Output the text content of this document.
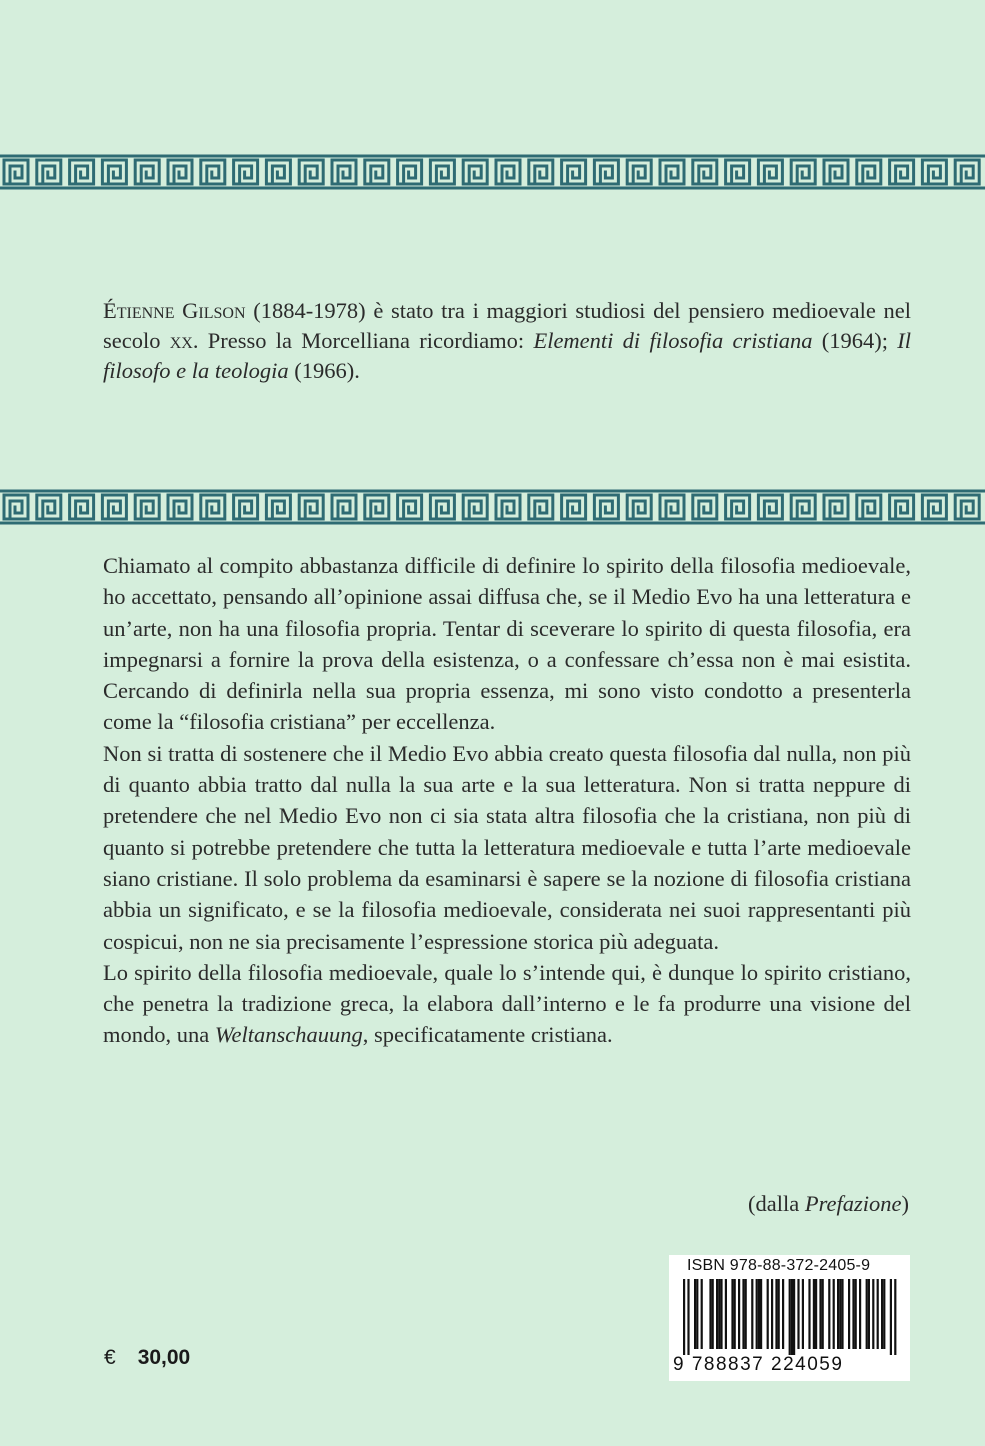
Étienne Gilson (1884-1978) è stato tra i maggiori studiosi del pensiero medioevale nel secolo xx. Presso la Morcelliana ricordiamo: Elementi di filosofia cristiana (1964); Il filosofo e la teologia (1966).

Chiamato al compito abbastanza difficile di definire lo spirito della filosofia medioevale, ho accettato, pensando all’opinione assai diffusa che, se il Medio Evo ha una letteratura e un’arte, non ha una filosofia propria. Tentar di sceverare lo spirito di questa filosofia, era impegnarsi a fornire la prova della esistenza, o a confessare ch’essa non è mai esistita. Cercando di definirla nella sua propria essenza, mi sono visto condotto a presenterla come la “filosofia cristiana” per eccellenza.

Non si tratta di sostenere che il Medio Evo abbia creato questa filosofia dal nulla, non più di quanto abbia tratto dal nulla la sua arte e la sua letteratura. Non si tratta neppure di pretendere che nel Medio Evo non ci sia stata altra filosofia che la cristiana, non più di quanto si potrebbe pretendere che tutta la letteratura medioevale e tutta l’arte medioevale siano cristiane. Il solo problema da esaminarsi è sapere se la nozione di filosofia cristiana abbia un significato, e se la filosofia medioevale, considerata nei suoi rappresentanti più cospicui, non ne sia precisamente l’espressione storica più adeguata.

Lo spirito della filosofia medioevale, quale lo s’intende qui, è dunque lo spirito cristiano, che penetra la tradizione greca, la elabora dall’interno e le fa produrre una visione del mondo, una Weltanschauung, specificatamente cristiana.

(dalla Prefazione)
€ 30,00
ISBN 978-88-372-2405-9
9 788837 224059
